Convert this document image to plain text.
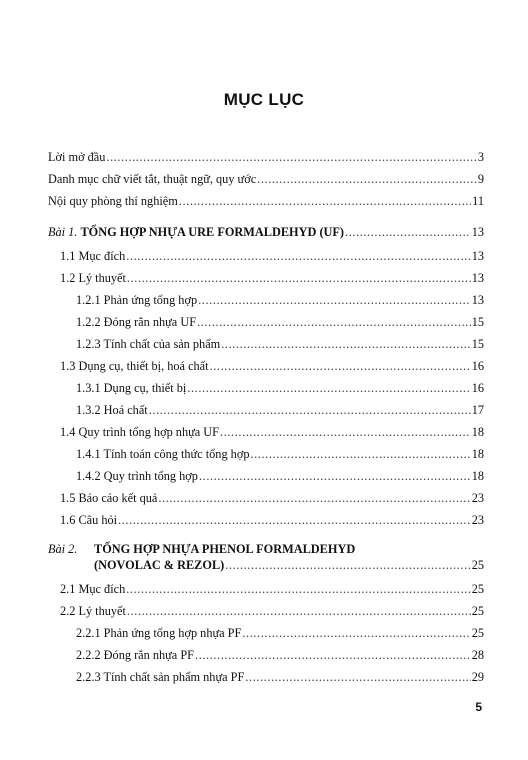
MỤC LỤC
Lời mở đầu .....	3
Danh mục chữ viết tắt, thuật ngữ, quy ước .....	9
Nội quy phòng thí nghiệm .....	11
Bài 1. TỔNG HỢP NHỰA URE FORMALDEHYD (UF) .....	13
1.1 Mục đích .....	13
1.2 Lý thuyết .....	13
1.2.1 Phản ứng tổng hợp .....	13
1.2.2 Đóng rắn nhựa UF .....	15
1.2.3 Tính chất của sản phẩm .....	15
1.3 Dụng cụ, thiết bị, hoá chất .....	16
1.3.1 Dụng cụ, thiết bị .....	16
1.3.2 Hoá chất .....	17
1.4 Quy trình tổng hợp nhựa UF .....	18
1.4.1 Tính toán công thức tổng hợp .....	18
1.4.2 Quy trình tổng hợp .....	18
1.5 Báo cáo kết quả .....	23
1.6 Câu hỏi .....	23
Bài 2. TỔNG HỢP NHỰA PHENOL FORMALDEHYD
(NOVOLAC & REZOL) .....	25
2.1 Mục đích .....	25
2.2 Lý thuyết .....	25
2.2.1 Phản ứng tổng hợp nhựa PF .....	25
2.2.2 Đóng rắn nhựa PF .....	28
2.2.3 Tính chất sản phẩm nhựa PF .....	29
5
